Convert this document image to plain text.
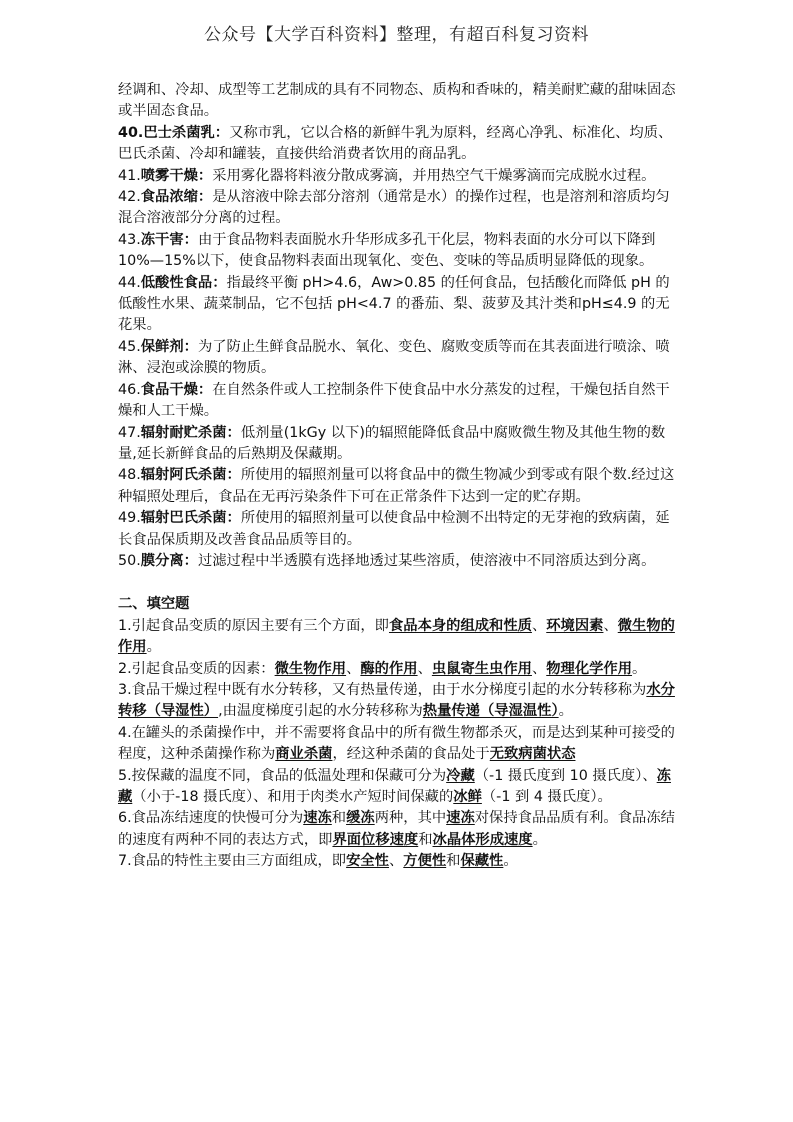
公众号【大学百科资料】整理，有超百科复习资料

经调和、冷却、成型等工艺制成的具有不同物态、质构和香味的，精美耐贮藏的甜味固态或半固态食品。

40.巴士杀菌乳：又称市乳，它以合格的新鲜牛乳为原料，经离心净乳、标准化、均质、巴氏杀菌、冷却和罐装，直接供给消费者饮用的商品乳。

41.喷雾干燥：采用雾化器将料液分散成雾滴，并用热空气干燥雾滴而完成脱水过程。

42.食品浓缩：是从溶液中除去部分溶剂（通常是水）的操作过程，也是溶剂和溶质均匀混合溶液部分分离的过程。

43.冻干害：由于食品物料表面脱水升华形成多孔干化层，物料表面的水分可以下降到 10%—15%以下，使食品物料表面出现氧化、变色、变味的等品质明显降低的现象。

44.低酸性食品：指最终平衡 pH>4.6，Aw>0.85 的任何食品，包括酸化而降低 pH 的低酸性水果、蔬菜制品，它不包括 pH<4.7 的番茄、梨、菠萝及其汁类和pH≤4.9 的无花果。

45.保鲜剂：为了防止生鲜食品脱水、氧化、变色、腐败变质等而在其表面进行喷涂、喷淋、浸泡或涂膜的物质。

46.食品干燥：在自然条件或人工控制条件下使食品中水分蒸发的过程，干燥包括自然干燥和人工干燥。

47.辐射耐贮杀菌：低剂量(1kGy 以下)的辐照能降低食品中腐败微生物及其他生物的数量,延长新鲜食品的后熟期及保藏期。

48.辐射阿氏杀菌：所使用的辐照剂量可以将食品中的微生物减少到零或有限个数.经过这种辐照处理后，食品在无再污染条件下可在正常条件下达到一定的贮存期。

49.辐射巴氏杀菌：所使用的辐照剂量可以使食品中检测不出特定的无芽袍的致病菌，延长食品保质期及改善食品品质等目的。

50.膜分离：过滤过程中半透膜有选择地透过某些溶质，使溶液中不同溶质达到分离。

二、填空题

1.引起食品变质的原因主要有三个方面，即食品本身的组成和性质、环境因素、微生物的作用。

2.引起食品变质的因素：微生物作用、酶的作用、虫鼠寄生虫作用、物理化学作用。

3.食品干燥过程中既有水分转移，又有热量传递，由于水分梯度引起的水分转移称为水分转移（导湿性）,由温度梯度引起的水分转移称为热量传递（导湿温性）。

4.在罐头的杀菌操作中，并不需要将食品中的所有微生物都杀灭，而是达到某种可接受的程度，这种杀菌操作称为商业杀菌，经这种杀菌的食品处于无致病菌状态

5.按保藏的温度不同，食品的低温处理和保藏可分为冷藏（-1 摄氏度到 10 摄氏度）、冻藏（小于-18 摄氏度）、和用于肉类水产短时间保藏的冰鲜（-1 到 4 摄氏度）。

6.食品冻结速度的快慢可分为速冻和缓冻两种，其中速冻对保持食品品质有利。食品冻结的速度有两种不同的表达方式，即界面位移速度和冰晶体形成速度。

7.食品的特性主要由三方面组成，即安全性、方便性和保藏性。
